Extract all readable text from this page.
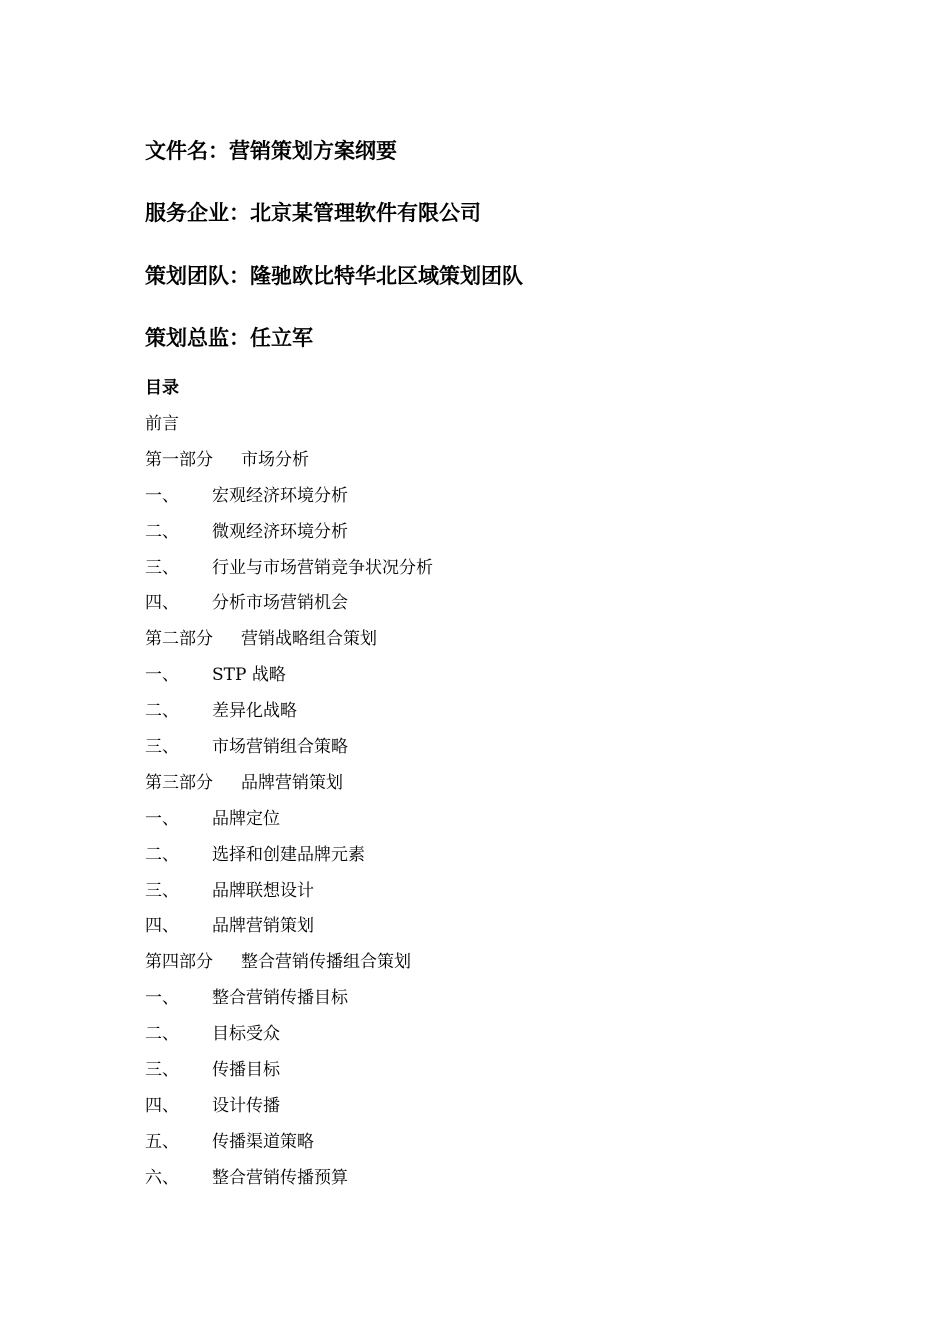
文件名：营销策划方案纲要
服务企业：北京某管理软件有限公司
策划团队：隆驰欧比特华北区域策划团队
策划总监：任立军
目录
前言
第一部分 市场分析
一、 宏观经济环境分析
二、 微观经济环境分析
三、 行业与市场营销竞争状况分析
四、 分析市场营销机会
第二部分 营销战略组合策划
一、 STP 战略
二、 差异化战略
三、 市场营销组合策略
第三部分 品牌营销策划
一、 品牌定位
二、 选择和创建品牌元素
三、 品牌联想设计
四、 品牌营销策划
第四部分 整合营销传播组合策划
一、 整合营销传播目标
二、 目标受众
三、 传播目标
四、 设计传播
五、 传播渠道策略
六、 整合营销传播预算
